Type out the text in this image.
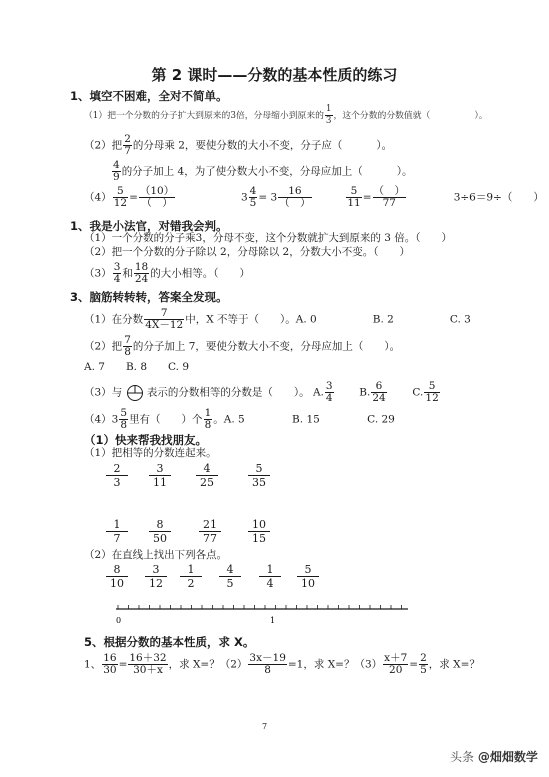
第 2 课时——分数的基本性质的练习
1、填空不困难，全对不简单。
（1）把一个分数的分子扩大到原来的3倍，分母缩小到原来的 $\frac{1}{3}$ ，这个分数的分数值就（	）。
（2）把 $\frac{2}{7}$ 的分母乘 2，要使分数的大小不变，分子应（	）。
$\frac{4}{9}$ 的分子加上 4，为了使分数大小不变，分母应加上（	）。
$(4) \frac{5}{12} = \frac{(10)}{( )}$	$3 \frac{4}{5} = 3 \frac{16}{( )}$
	$\frac{5}{11} = \frac{( )}{77}$	3÷6＝9÷（　　）
1、我是小法官，对错我会判。
（1）一个分数的分子乘3，分母不变，这个分数就扩大到原来的 3 倍。（　　）
（2）把一个分数的分子除以 2，分母除以 2，分数大小不变。（　　）
$(3) \frac{3}{4}$ 和 $\frac{18}{24}$ 的大小相等。（　　）
3、脑筋转转转，答案全发现。
（1）在分数 $\frac{7}{4X-12}$ 中，X 不等于（　　）。A. 0	B. 2	C. 3
（2）把 $\frac{7}{8}$ 的分子加上 7，要使分数大小不变，分母应加上（　　）。
A. 7　　B. 8　　C. 9
（3）与 表示的分数相等的分数是（　　）。 A. $\frac{3}{4} B$. $\frac{6}{24} C$. $\frac{5}{12}$
$(4)3 \frac{5}{8}$ 里有（　　）个 $\frac{1}{8}$ 。A. 5	B. 15	C. 29
（1）快来帮我找朋友。
（1）把相等的分数连起来。
$\frac{2}{3} \frac{3}{11} \frac{4}{25}$	$\frac{5}{35}$
$\frac{1}{7} \frac{8}{50}$	$\frac{21}{77} \frac{10}{15}$
（2）在直线上找出下列各点。
$\frac{8}{10} \frac{3}{12} \frac{1}{2} \frac{4}{5} \frac{1}{4} \frac{5}{10}$
0	1
5、根据分数的基本性质，求 X。
1、 $\frac{16}{30} = \frac{16+32}{30+x}$ ，求 X=？$(2) \frac{3x-19}{8} =1$，求 X=？$(3) \frac{x+7}{20} = \frac{2}{5}$ ，求 X=？
7
头条 @畑畑数学
